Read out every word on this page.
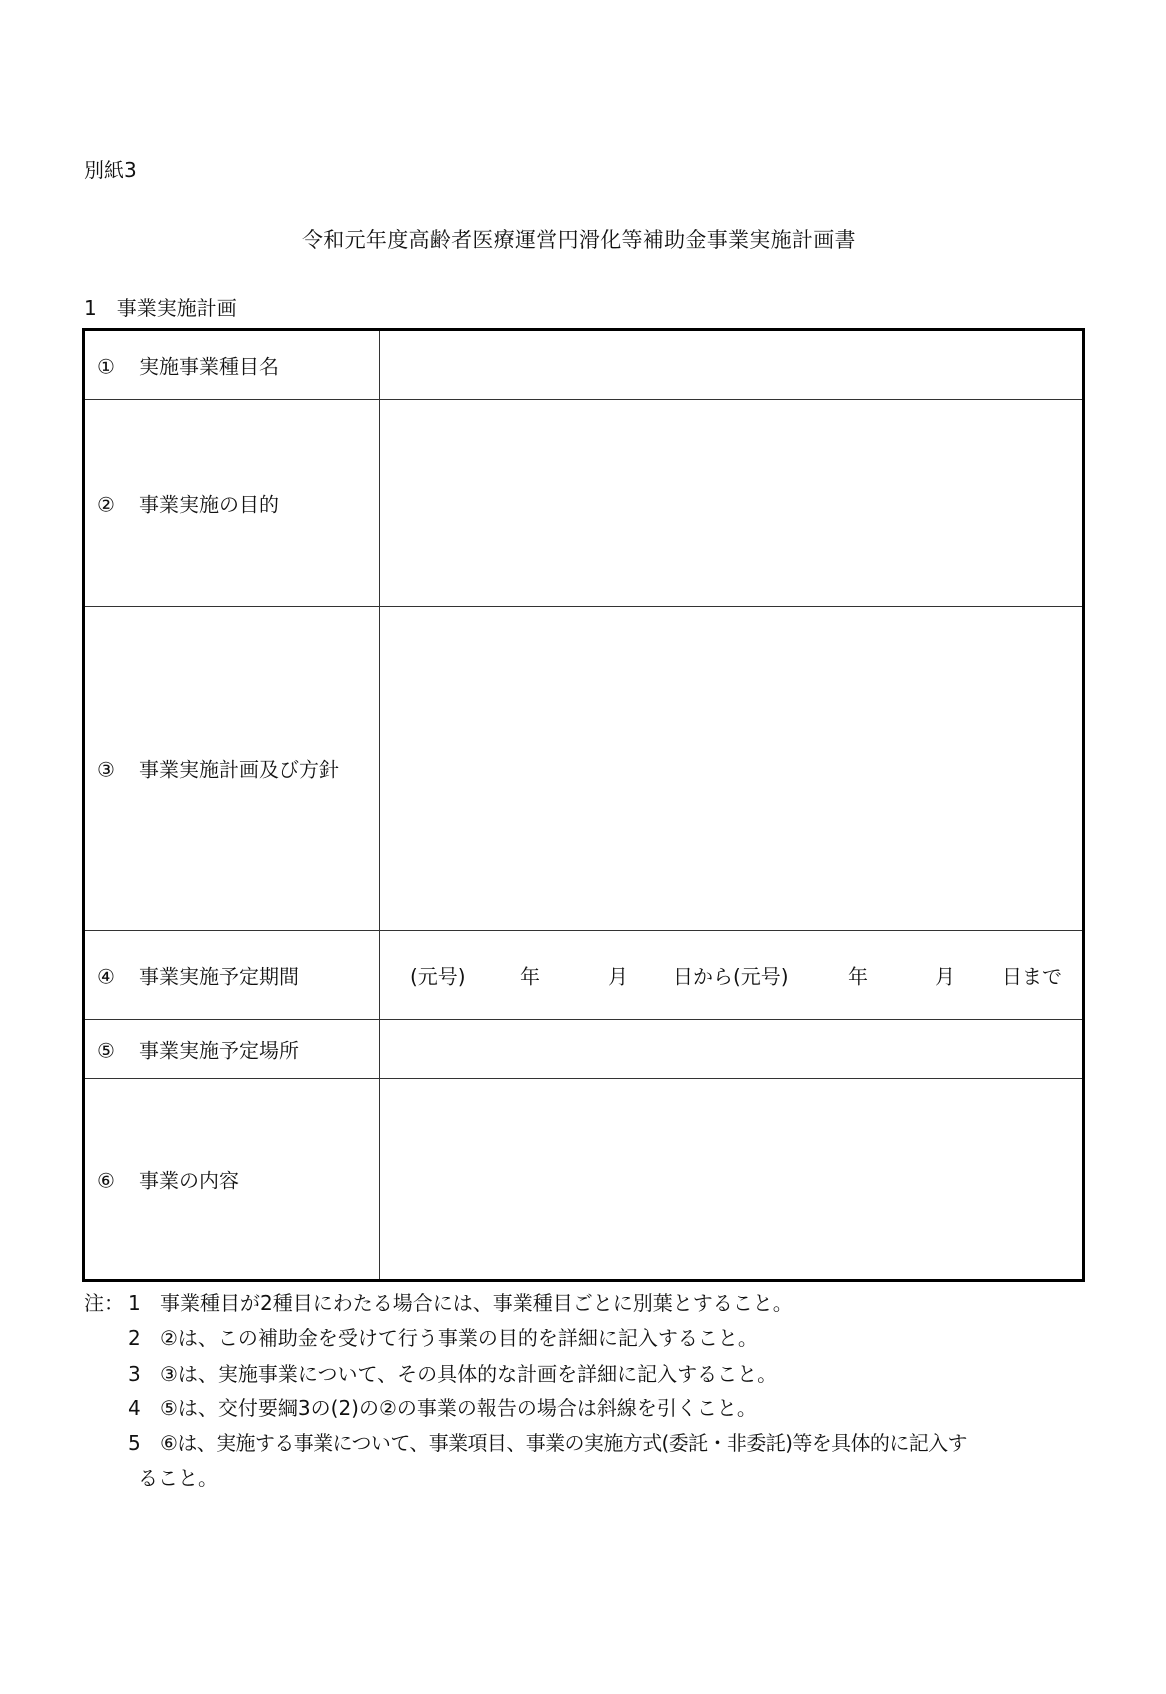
別紙3
令和元年度高齢者医療運営円滑化等補助金事業実施計画書
1　事業実施計画
① 実施事業種目名
② 事業実施の目的
③ 事業実施計画及び方針
④ 事業実施予定期間	(元号)	年	月 日から(元号)	年	月 日まで
⑤ 事業実施予定場所
⑥ 事業の内容
注： 1 事業種目が2種目にわたる場合には、事業種目ごとに別葉とすること。
2 ②は、この補助金を受けて行う事業の目的を詳細に記入すること。
3 ③は、実施事業について、その具体的な計画を詳細に記入すること。
4 ⑤は、交付要綱3の(2)の②の事業の報告の場合は斜線を引くこと。
5 ⑥は、実施する事業について、事業項目、事業の実施方式(委託・非委託)等を具体的に記入す
ること。
